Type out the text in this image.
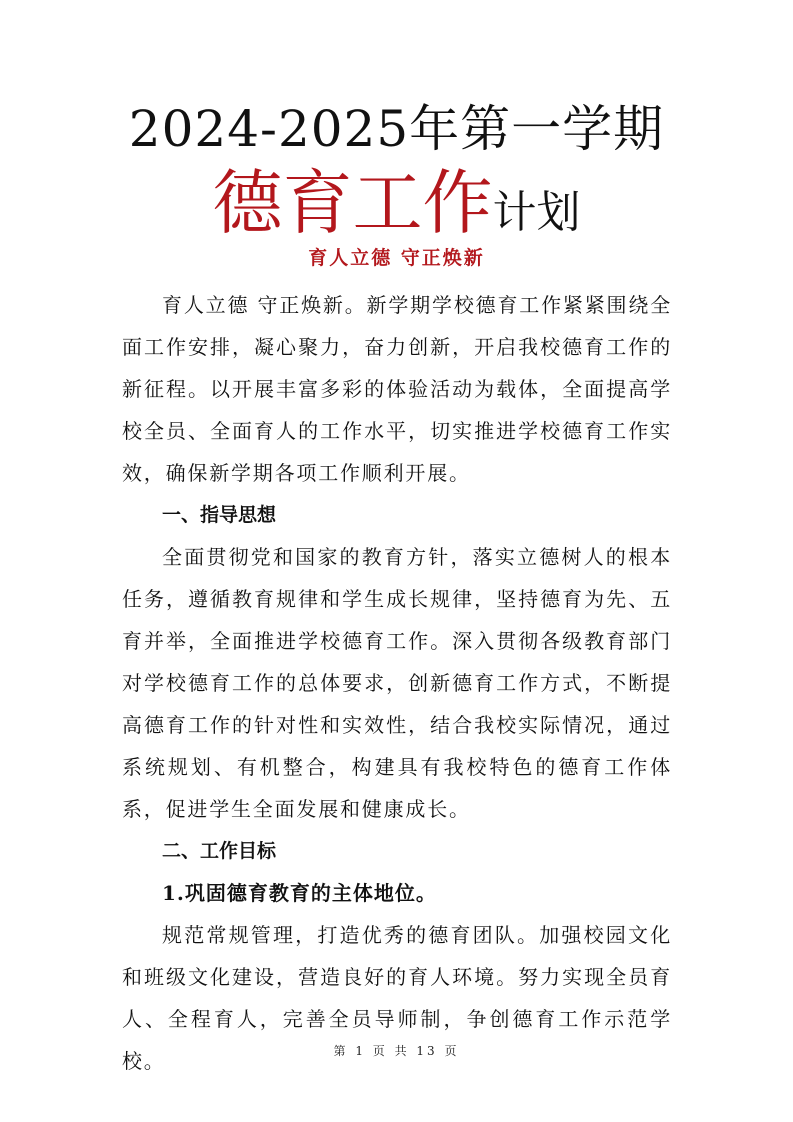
2024-2025年第一学期
德育工作计划
育人立德 守正焕新

育人立德 守正焕新。新学期学校德育工作紧紧围绕全面工作安排，凝心聚力，奋力创新，开启我校德育工作的新征程。以开展丰富多彩的体验活动为载体，全面提高学校全员、全面育人的工作水平，切实推进学校德育工作实效，确保新学期各项工作顺利开展。

一、指导思想

全面贯彻党和国家的教育方针，落实立德树人的根本任务，遵循教育规律和学生成长规律，坚持德育为先、五育并举，全面推进学校德育工作。深入贯彻各级教育部门对学校德育工作的总体要求，创新德育工作方式，不断提高德育工作的针对性和实效性，结合我校实际情况，通过系统规划、有机整合，构建具有我校特色的德育工作体系，促进学生全面发展和健康成长。

二、工作目标

1.巩固德育教育的主体地位。

规范常规管理，打造优秀的德育团队。加强校园文化和班级文化建设，营造良好的育人环境。努力实现全员育人、全程育人，完善全员导师制，争创德育工作示范学校。	第 1 页 共 13 页
